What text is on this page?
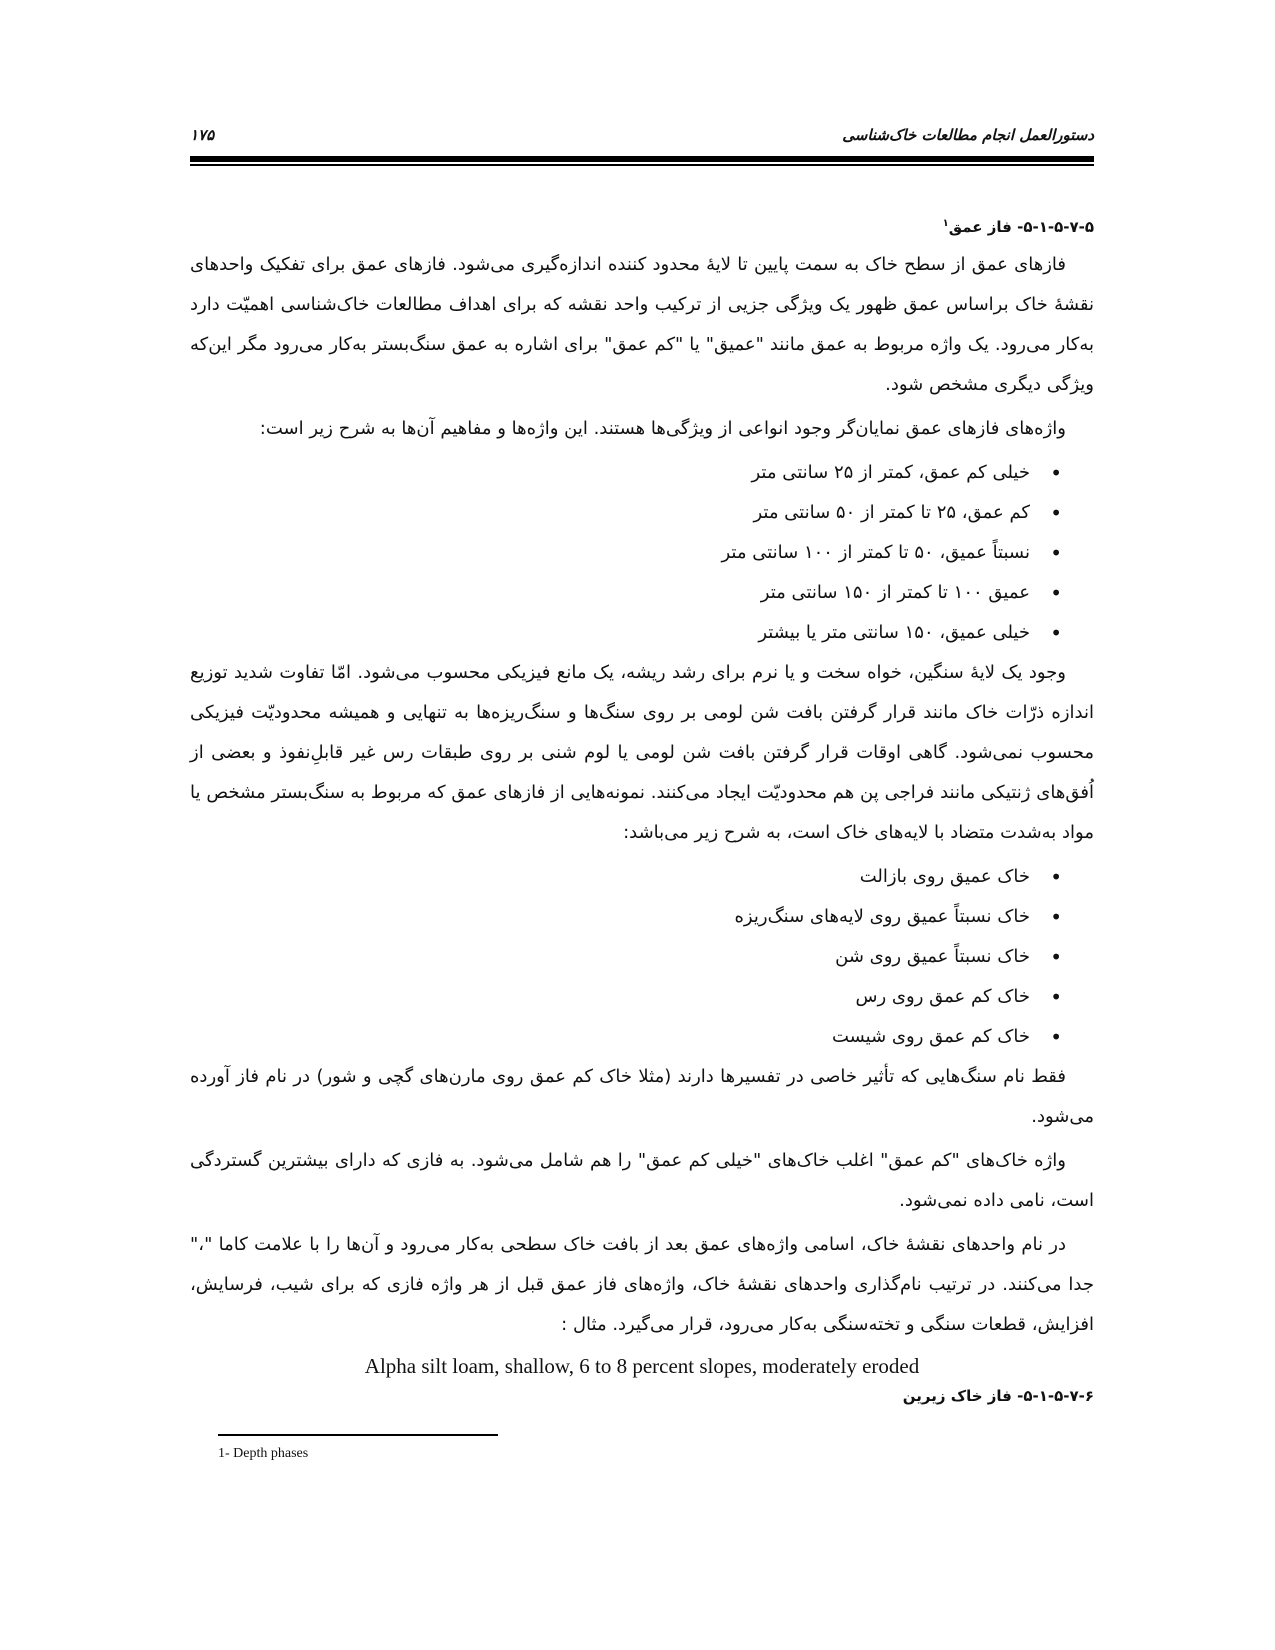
دستورالعمل انجام مطالعات خاک‌شناسی
۱۷۵
۵-۱-۵-۷-۵- فاز عمق$^۱$

فازهای عمق از سطح خاک به سمت پایین تا لایۀ محدود کننده اندازه‌گیری می‌شود. فازهای عمق برای تفکیک واحدهای نقشۀ خاک براساس عمق ظهور یک ویژگی جزیی از ترکیب واحد نقشه که برای اهداف مطالعات خاک‌شناسی اهمیّت دارد به‌کار می‌رود. یک واژه مربوط به عمق مانند "عمیق" یا "کم عمق" برای اشاره به عمق سنگ‌بستر به‌کار می‌رود مگر این‌که ویژگی دیگری مشخص شود.

واژه‌های فازهای عمق نمایان‌گر وجود انواعی از ویژگی‌ها هستند. این واژه‌ها و مفاهیم آن‌ها به شرح زیر است:

• خیلی کم عمق، کمتر از ۲۵ سانتی متر
• کم عمق، ۲۵ تا کمتر از ۵۰ سانتی متر
• نسبتاً عمیق، ۵۰ تا کمتر از ۱۰۰ سانتی متر
• عمیق ۱۰۰ تا کمتر از ۱۵۰ سانتی متر
• خیلی عمیق، ۱۵۰ سانتی متر یا بیشتر

وجود یک لایۀ سنگین، خواه سخت و یا نرم برای رشد ریشه، یک مانع فیزیکی محسوب می‌شود. امّا تفاوت شدید توزیع اندازه ذرّات خاک مانند قرار گرفتن بافت شن لومی بر روی سنگ‌ها و سنگ‌ریزه‌ها به تنهایی و همیشه محدودیّت فیزیکی محسوب نمی‌شود. گاهی اوقات قرار گرفتن بافت شن لومی یا لوم شنی بر روی طبقات رس غیر قابلِ‌نفوذ و بعضی از اُفق‌های ژنتیکی مانند فراجی پن هم محدودیّت ایجاد می‌کنند. نمونه‌هایی از فازهای عمق که مربوط به سنگ‌بستر مشخص یا مواد به‌شدت متضاد با لایه‌های خاک است، به شرح زیر می‌باشد:

• خاک عمیق روی بازالت
• خاک نسبتاً عمیق روی لایه‌های سنگ‌ریزه
• خاک نسبتاً عمیق روی شن
• خاک کم عمق روی رس
• خاک کم عمق روی شیست

فقط نام سنگ‌هایی که تأثیر خاصی در تفسیرها دارند (مثلا خاک کم عمق روی مارن‌های گچی و شور) در نام فاز آورده می‌شود.

واژه خاک‌های "کم عمق" اغلب خاک‌های "خیلی کم عمق" را هم شامل می‌شود. به فازی که دارای بیشترین گستردگی است، نامی داده نمی‌شود.

در نام واحدهای نقشۀ خاک، اسامی واژه‌های عمق بعد از بافت خاک سطحی به‌کار می‌رود و آن‌ها را با علامت کاما "،" جدا می‌کنند. در ترتیب نام‌گذاری واحدهای نقشۀ خاک، واژه‌های فاز عمق قبل از هر واژه فازی که برای شیب، فرسایش، افزایش، قطعات سنگی و تخته‌سنگی به‌کار می‌رود، قرار می‌گیرد. مثال :

Alpha silt loam, shallow, 6 to 8 percent slopes, moderately eroded

۵-۱-۵-۷-۶- فاز خاک زیرین
1- Depth phases
